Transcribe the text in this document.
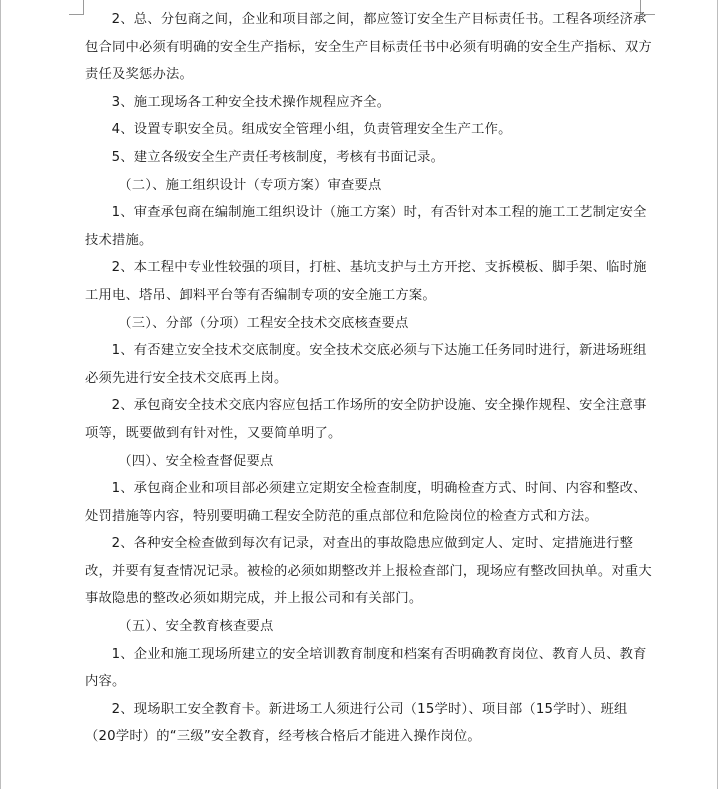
2、总、分包商之间，企业和项目部之间，都应签订安全生产目标责任书。工程各项经济承包合同中必须有明确的安全生产指标，安全生产目标责任书中必须有明确的安全生产指标、双方责任及奖惩办法。

3、施工现场各工种安全技术操作规程应齐全。

4、设置专职安全员。组成安全管理小组，负责管理安全生产工作。

5、建立各级安全生产责任考核制度，考核有书面记录。

（二）、施工组织设计（专项方案）审查要点

1、审查承包商在编制施工组织设计（施工方案）时，有否针对本工程的施工工艺制定安全技术措施。

2、本工程中专业性较强的项目，打桩、基坑支护与土方开挖、支拆模板、脚手架、临时施工用电、塔吊、卸料平台等有否编制专项的安全施工方案。

（三）、分部（分项）工程安全技术交底核查要点

1、有否建立安全技术交底制度。安全技术交底必须与下达施工任务同时进行，新进场班组必须先进行安全技术交底再上岗。

2、承包商安全技术交底内容应包括工作场所的安全防护设施、安全操作规程、安全注意事项等，既要做到有针对性，又要简单明了。

（四）、安全检查督促要点

1、承包商企业和项目部必须建立定期安全检查制度，明确检查方式、时间、内容和整改、处罚措施等内容，特别要明确工程安全防范的重点部位和危险岗位的检查方式和方法。

2、各种安全检查做到每次有记录，对查出的事故隐患应做到定人、定时、定措施进行整改，并要有复查情况记录。被检的必须如期整改并上报检查部门，现场应有整改回执单。对重大事故隐患的整改必须如期完成，并上报公司和有关部门。

（五）、安全教育核查要点

1、企业和施工现场所建立的安全培训教育制度和档案有否明确教育岗位、教育人员、教育内容。

2、现场职工安全教育卡。新进场工人须进行公司（15学时）、项目部（15学时）、班组（20学时）的“三级”安全教育，经考核合格后才能进入操作岗位。
